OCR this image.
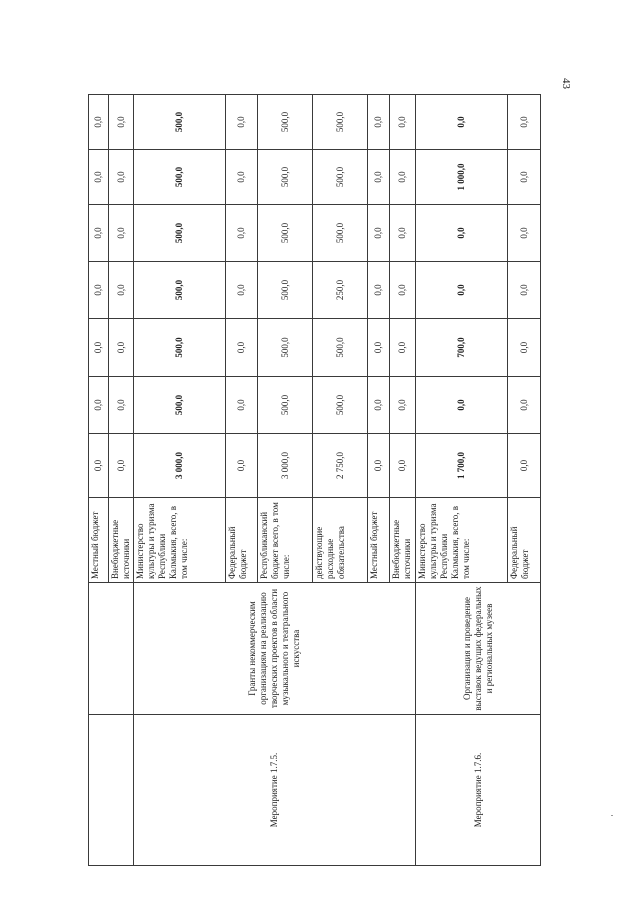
43
		Местный бюджет	0,0	0,0	0,0	0,0	0,0	0,0	0,0
		Внебюджетные источники	0,0	0,0	0,0	0,0	0,0	0,0	0,0
Мероприятие 1.7.5.	Гранты некоммерческим организациям на реализацию творческих проектов в области музыкального и театрального искусства	Министерство культуры и туризма Республики Калмыкия, всего, в том числе:	3 000,0	500,0	500,0	500,0	500,0	500,0	500,0
		Федеральный бюджет	0,0	0,0	0,0	0,0	0,0	0,0	0,0
		Республиканский бюджет всего, в том числе:	3 000,0	500,0	500,0	500,0	500,0	500,0	500,0
		действующие расходные обязательства	2 750,0	500,0	500,0	250,0	500,0	500,0	500,0
		Местный бюджет	0,0	0,0	0,0	0,0	0,0	0,0	0,0
		Внебюджетные источники	0,0	0,0	0,0	0,0	0,0	0,0	0,0
Мероприятие 1.7.6.	Организация и проведение выставок ведущих федеральных и региональных музеев	Министерство культуры и туризма Республики Калмыкия, всего, в том числе:	1 700,0	0,0	700,0	0,0	0,0	1 000,0	0,0
		Федеральный бюджет	0,0	0,0	0,0	0,0	0,0	0,0	0,0
